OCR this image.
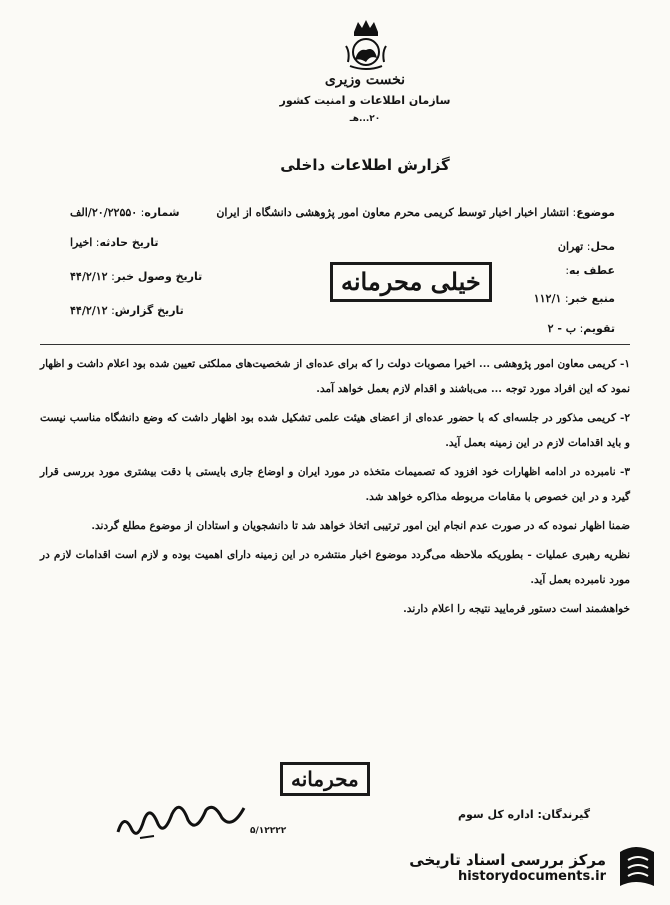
نخست وزیری
سازمان اطلاعات و امنیت کشور
۲۰...هـ
گزارش اطلاعات داخلی
موضوع: انتشار اخبار اخبار توسط کریمی محرم معاون امور پژوهشی دانشگاه از ایران
محل: تهران
عطف به:
منبع خبر: ۱۱۲/۱
تقویم: ب - ۲
شماره: ۲۰/۲۲۵۵۰/الف
تاریخ حادثه: اخیرا
تاریخ وصول خبر: ۴۴/۲/۱۲
تاریخ گزارش: ۴۴/۲/۱۲
خیلی محرمانه

۱- کریمی معاون امور پژوهشی ... اخیرا مصوبات دولت را که برای عده‌ای از شخصیت‌های مملکتی تعیین شده بود اعلام داشت و اظهار نمود که این افراد مورد توجه ... می‌باشند و اقدام لازم بعمل خواهد آمد.

۲- کریمی مذکور در جلسه‌ای که با حضور عده‌ای از اعضای هیئت علمی تشکیل شده بود اظهار داشت که وضع دانشگاه مناسب نیست و باید اقدامات لازم در این زمینه بعمل آید.

۳- نامبرده در ادامه اظهارات خود افزود که تصمیمات متخذه در مورد ایران و اوضاع جاری بایستی با دقت بیشتری مورد بررسی قرار گیرد و در این خصوص با مقامات مربوطه مذاکره خواهد شد.

ضمنا اظهار نموده که در صورت عدم انجام این امور ترتیبی اتخاذ خواهد شد تا دانشجویان و استادان از موضوع مطلع گردند.

نظریه رهبری عملیات - بطوریکه ملاحظه می‌گردد موضوع اخبار منتشره در این زمینه دارای اهمیت بوده و لازم است اقدامات لازم در مورد نامبرده بعمل آید.

خواهشمند است دستور فرمایید نتیجه را اعلام دارند.

محرمانه
گیرندگان: اداره کل سوم
۵/۱۲۲۲۲
مرکز بررسی اسناد تاریخی
historydocuments.ir
